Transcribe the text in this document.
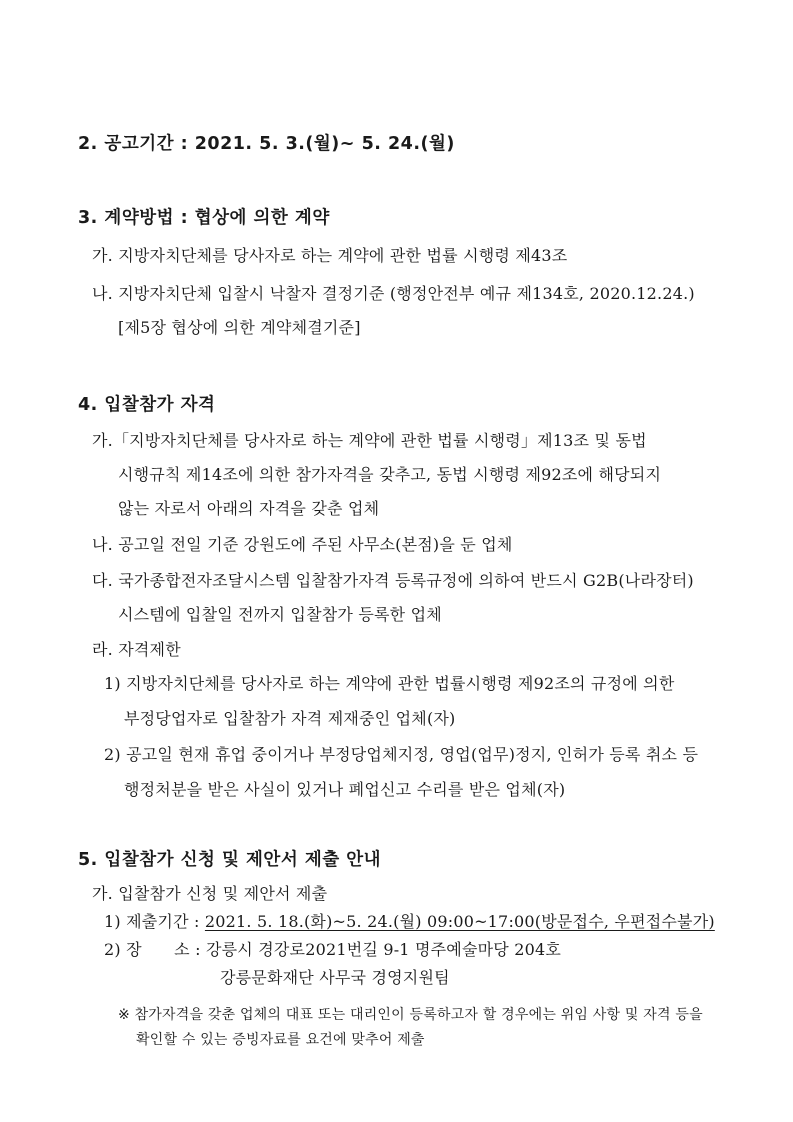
2. 공고기간 : 2021. 5. 3.(월)~ 5. 24.(월)
3. 계약방법 : 협상에 의한 계약
가. 지방자치단체를 당사자로 하는 계약에 관한 법률 시행령 제43조
나. 지방자치단체 입찰시 낙찰자 결정기준 (행정안전부 예규 제134호, 2020.12.24.)
[제5장 협상에 의한 계약체결기준]
4. 입찰참가 자격
가.「지방자치단체를 당사자로 하는 계약에 관한 법률 시행령」제13조 및 동법
시행규칙 제14조에 의한 참가자격을 갖추고, 동법 시행령 제92조에 해당되지
않는 자로서 아래의 자격을 갖춘 업체
나. 공고일 전일 기준 강원도에 주된 사무소(본점)을 둔 업체
다. 국가종합전자조달시스템 입찰참가자격 등록규정에 의하여 반드시 G2B(나라장터)
시스템에 입찰일 전까지 입찰참가 등록한 업체
라. 자격제한
1) 지방자치단체를 당사자로 하는 계약에 관한 법률시행령 제92조의 규정에 의한
부정당업자로 입찰참가 자격 제재중인 업체(자)
2) 공고일 현재 휴업 중이거나 부정당업체지정, 영업(업무)정지, 인허가 등록 취소 등
행정처분을 받은 사실이 있거나 폐업신고 수리를 받은 업체(자)
5. 입찰참가 신청 및 제안서 제출 안내
가. 입찰참가 신청 및 제안서 제출
1) 제출기간 : 2021. 5. 18.(화)~5. 24.(월) 09:00~17:00(방문접수, 우편접수불가)
2) 장　　소 : 강릉시 경강로2021번길 9-1 명주예술마당 204호
강릉문화재단 사무국 경영지원팀
※ 참가자격을 갖춘 업체의 대표 또는 대리인이 등록하고자 할 경우에는 위임 사항 및 자격 등을
확인할 수 있는 증빙자료를 요건에 맞추어 제출
